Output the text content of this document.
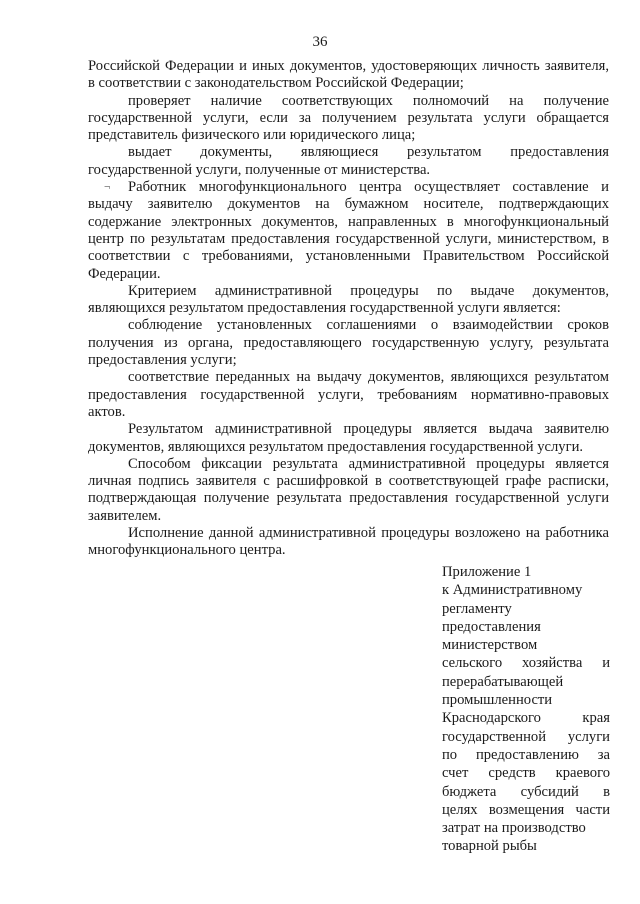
36
¬

Российской Федерации и иных документов, удостоверяющих личность заявителя, в соответствии с законодательством Российской Федерации;

проверяет наличие соответствующих полномочий на получение государственной услуги, если за получением результата услуги обращается представитель физического или юридического лица;

выдает документы, являющиеся результатом предоставления государственной услуги, полученные от министерства.

Работник многофункционального центра осуществляет составление и выдачу заявителю документов на бумажном носителе, подтверждающих содержание электронных документов, направленных в многофункциональный центр по результатам предоставления государственной услуги, министерством, в соответствии с требованиями, установленными Правительством Российской Федерации.

Критерием административной процедуры по выдаче документов, являющихся результатом предоставления государственной услуги является:

соблюдение установленных соглашениями о взаимодействии сроков получения из органа, предоставляющего государственную услугу, результата предоставления услуги;

соответствие переданных на выдачу документов, являющихся результатом предоставления государственной услуги, требованиям нормативно-правовых актов.

Результатом административной процедуры является выдача заявителю документов, являющихся результатом предоставления государственной услуги.

Способом фиксации результата административной процедуры является личная подпись заявителя с расшифровкой в соответствующей графе расписки, подтверждающая получение результата предоставления государственной услуги заявителем.

Исполнение данной административной процедуры возложено на работника многофункционального центра.

Приложение 1
к Административному
регламенту
предоставления
министерством
сельского хозяйства и
перерабатывающей
промышленности
Краснодарского края
государственной услуги
по предоставлению за
счет средств краевого
бюджета субсидий в
целях возмещения части
затрат на производство
товарной рыбы
